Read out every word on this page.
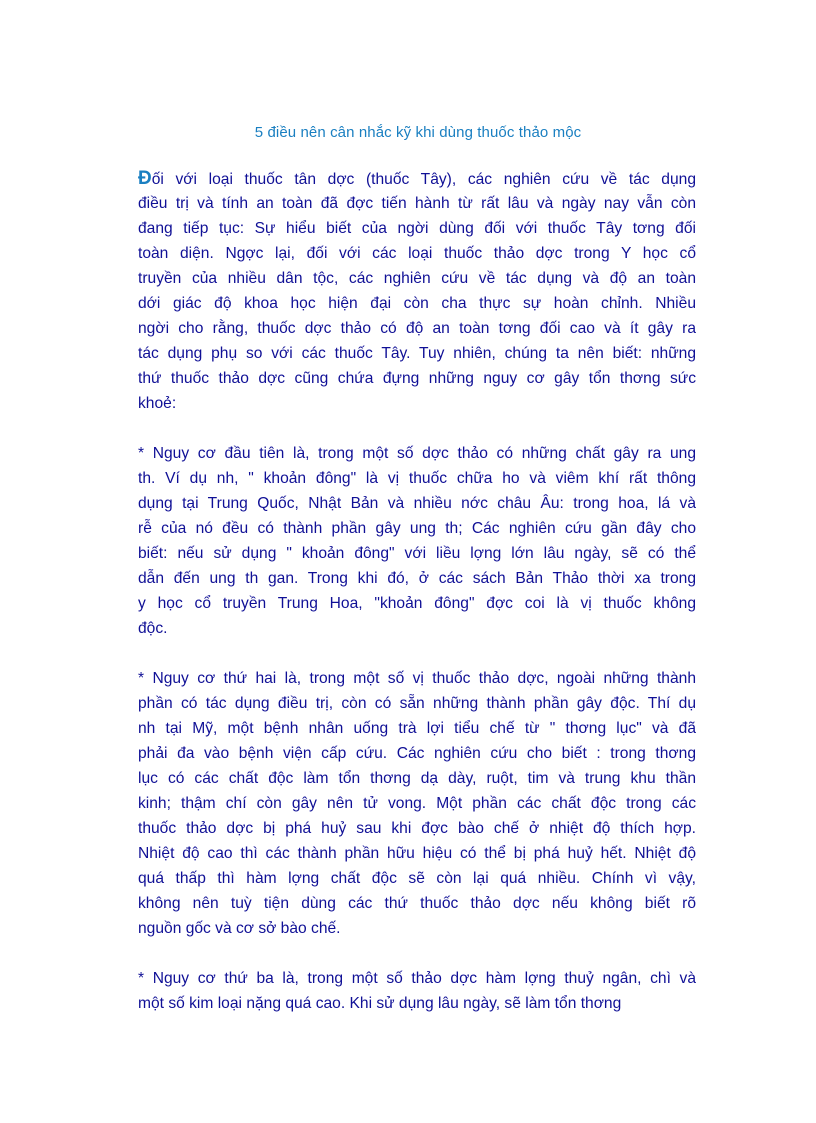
5 điều nên cân nhắc kỹ khi dùng thuốc thảo mộc
Đối với loại thuốc tân dợc (thuốc Tây), các nghiên cứu về tác dụng
điều trị và tính an toàn đã đợc tiến hành từ rất lâu và ngày nay vẫn còn
đang tiếp tục: Sự hiểu biết của ngời dùng đối với thuốc Tây tơng đối
toàn diện. Ngợc lại, đối với các loại thuốc thảo dợc trong Y học cổ
truyền của nhiều dân tộc, các nghiên cứu về tác dụng và độ an toàn
dới giác độ khoa học hiện đại còn cha thực sự hoàn chỉnh. Nhiều
ngời cho rằng, thuốc dợc thảo có độ an toàn tơng đối cao và ít gây ra
tác dụng phụ so với các thuốc Tây. Tuy nhiên, chúng ta nên biết: những
thứ thuốc thảo dợc cũng chứa đựng những nguy cơ gây tổn thơng sức
khoẻ:
* Nguy cơ đầu tiên là, trong một số dợc thảo có những chất gây ra ung
th. Ví dụ nh, " khoản đông" là vị thuốc chữa ho và viêm khí rất thông
dụng tại Trung Quốc, Nhật Bản và nhiều nớc châu Âu: trong hoa, lá và
rễ của nó đều có thành phần gây ung th; Các nghiên cứu gần đây cho
biết: nếu sử dụng " khoản đông" với liều lợng lớn lâu ngày, sẽ có thể
dẫn đến ung th gan. Trong khi đó, ở các sách Bản Thảo thời xa trong
y học cổ truyền Trung Hoa, "khoản đông" đợc coi là vị thuốc không
độc.
* Nguy cơ thứ hai là, trong một số vị thuốc thảo dợc, ngoài những thành
phần có tác dụng điều trị, còn có sẵn những thành phần gây độc. Thí dụ
nh tại Mỹ, một bệnh nhân uống trà lợi tiểu chế từ " thơng lục" và đã
phải đa vào bệnh viện cấp cứu. Các nghiên cứu cho biết : trong thơng
lục có các chất độc làm tổn thơng dạ dày, ruột, tim và trung khu thần
kinh; thậm chí còn gây nên tử vong. Một phần các chất độc trong các
thuốc thảo dợc bị phá huỷ sau khi đợc bào chế ở nhiệt độ thích hợp.
Nhiệt độ cao thì các thành phần hữu hiệu có thể bị phá huỷ hết. Nhiệt độ
quá thấp thì hàm lợng chất độc sẽ còn lại quá nhiều. Chính vì vậy,
không nên tuỳ tiện dùng các thứ thuốc thảo dợc nếu không biết rõ
nguồn gốc và cơ sở bào chế.
* Nguy cơ thứ ba là, trong một số thảo dợc hàm lợng thuỷ ngân, chì và
một số kim loại nặng quá cao. Khi sử dụng lâu ngày, sẽ làm tổn thơng
